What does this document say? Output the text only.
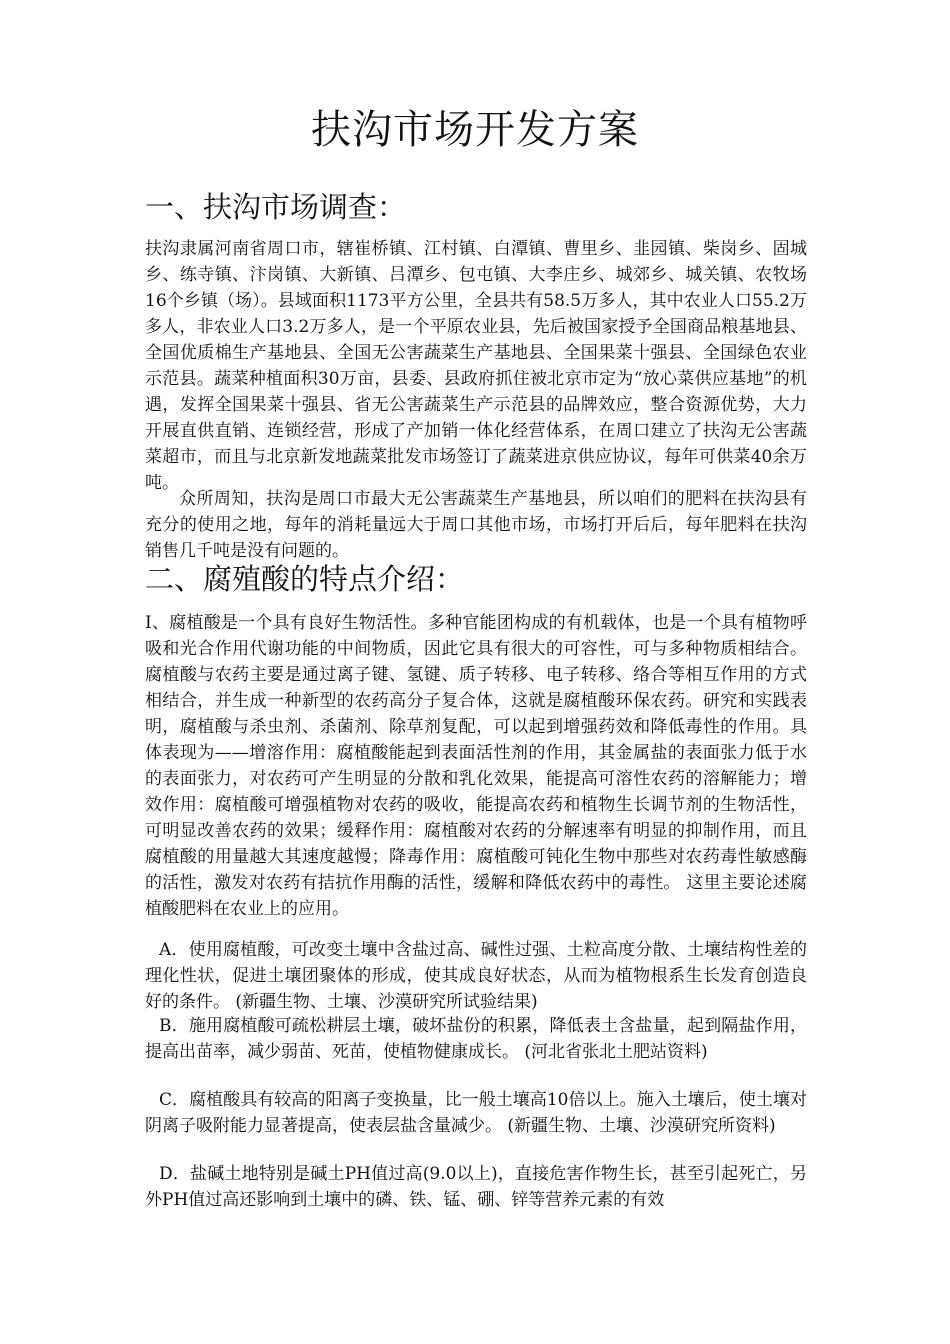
扶沟市场开发方案
一、扶沟市场调查：

扶沟隶属河南省周口市，辖崔桥镇、江村镇、白潭镇、曹里乡、韭园镇、柴岗乡、固城乡、练寺镇、汴岗镇、大新镇、吕潭乡、包屯镇、大李庄乡、城郊乡、城关镇、农牧场16个乡镇（场）。县域面积1173平方公里，全县共有58.5万多人，其中农业人口55.2万多人，非农业人口3.2万多人，是一个平原农业县，先后被国家授予全国商品粮基地县、全国优质棉生产基地县、全国无公害蔬菜生产基地县、全国果菜十强县、全国绿色农业示范县。蔬菜种植面积30万亩，县委、县政府抓住被北京市定为“放心菜供应基地”的机遇，发挥全国果菜十强县、省无公害蔬菜生产示范县的品牌效应，整合资源优势，大力开展直供直销、连锁经营，形成了产加销一体化经营体系，在周口建立了扶沟无公害蔬菜超市，而且与北京新发地蔬菜批发市场签订了蔬菜进京供应协议，每年可供菜40余万吨。

众所周知，扶沟是周口市最大无公害蔬菜生产基地县，所以咱们的肥料在扶沟县有充分的使用之地，每年的消耗量远大于周口其他市场，市场打开后后，每年肥料在扶沟销售几千吨是没有问题的。

二、腐殖酸的特点介绍：

I、腐植酸是一个具有良好生物活性。多种官能团构成的有机载体，也是一个具有植物呼吸和光合作用代谢功能的中间物质，因此它具有很大的可容性，可与多种物质相结合。腐植酸与农药主要是通过离子键、氢键、质子转移、电子转移、络合等相互作用的方式相结合，并生成一种新型的农药高分子复合体，这就是腐植酸环保农药。研究和实践表明，腐植酸与杀虫剂、杀菌剂、除草剂复配，可以起到增强药效和降低毒性的作用。具体表现为——增溶作用：腐植酸能起到表面活性剂的作用，其金属盐的表面张力低于水的表面张力，对农药可产生明显的分散和乳化效果，能提高可溶性农药的溶解能力；增效作用：腐植酸可增强植物对农药的吸收，能提高农药和植物生长调节剂的生物活性，可明显改善农药的效果；缓释作用：腐植酸对农药的分解速率有明显的抑制作用，而且腐植酸的用量越大其速度越慢；降毒作用：腐植酸可钝化生物中那些对农药毒性敏感酶的活性，激发对农药有拮抗作用酶的活性，缓解和降低农药中的毒性。 这里主要论述腐植酸肥料在农业上的应用。

A．使用腐植酸，可改变土壤中含盐过高、碱性过强、土粒高度分散、土壤结构性差的理化性状，促进土壤团聚体的形成，使其成良好状态，从而为植物根系生长发育创造良好的条件。 (新疆生物、土壤、沙漠研究所试验结果)

B．施用腐植酸可疏松耕层土壤，破坏盐份的积累，降低表土含盐量，起到隔盐作用，提高出苗率，减少弱苗、死苗，使植物健康成长。 (河北省张北土肥站资料)

C．腐植酸具有较高的阳离子变换量，比一般土壤高10倍以上。施入土壤后，使土壤对阴离子吸附能力显著提高，使表层盐含量减少。 (新疆生物、土壤、沙漠研究所资料)

D．盐碱土地特别是碱土PH值过高(9.0以上)，直接危害作物生长，甚至引起死亡，另外PH值过高还影响到土壤中的磷、铁、锰、硼、锌等营养元素的有效
